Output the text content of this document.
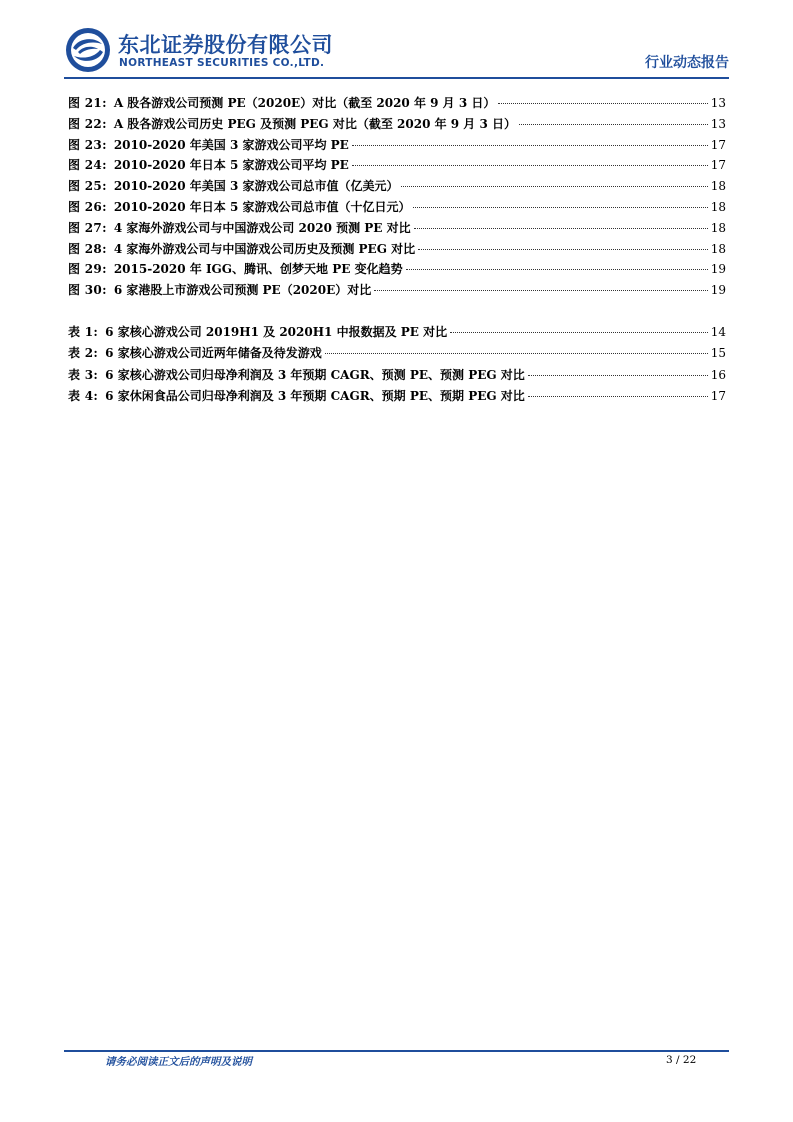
东北证券股份有限公司
NORTHEAST SECURITIES CO.,LTD.	行业动态报告
图 21: A 股各游戏公司预测 PE（2020E）对比（截至 2020 年 9 月 3 日）	13
图 22: A 股各游戏公司历史 PEG 及预测 PEG 对比（截至 2020 年 9 月 3 日）	13
图 23: 2010-2020 年美国 3 家游戏公司平均 PE	17
图 24: 2010-2020 年日本 5 家游戏公司平均 PE	17
图 25: 2010-2020 年美国 3 家游戏公司总市值（亿美元）	18
图 26: 2010-2020 年日本 5 家游戏公司总市值（十亿日元）	18
图 27: 4 家海外游戏公司与中国游戏公司 2020 预测 PE 对比	18
图 28: 4 家海外游戏公司与中国游戏公司历史及预测 PEG 对比	18
图 29: 2015-2020 年 IGG、腾讯、创梦天地 PE 变化趋势	19
图 30: 6 家港股上市游戏公司预测 PE（2020E）对比	19
表 1: 6 家核心游戏公司 2019H1 及 2020H1 中报数据及 PE 对比	14
表 2: 6 家核心游戏公司近两年储备及待发游戏	15
表 3: 6 家核心游戏公司归母净利润及 3 年预期 CAGR、预测 PE、预测 PEG 对比	16
表 4: 6 家休闲食品公司归母净利润及 3 年预期 CAGR、预期 PE、预期 PEG 对比	17
请务必阅读正文后的声明及说明	3 / 22
